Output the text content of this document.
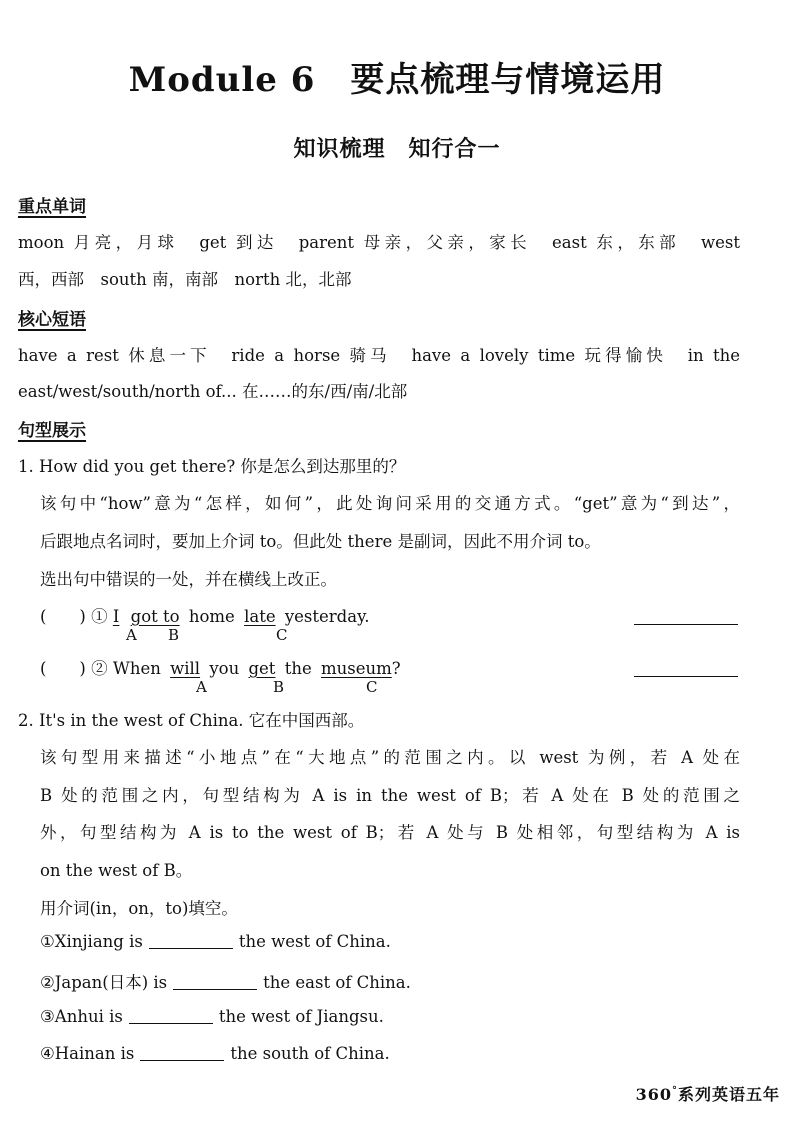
Module 6　要点梳理与情境运用
知识梳理　知行合一
重点单词
moon 月亮，月球　get 到达　parent 母亲，父亲，家长　east 东，东部　west
西，西部　south 南，南部　north 北，北部
核心短语
have a rest 休息一下　ride a horse 骑马　have a lovely time 玩得愉快　in the
east/west/south/north of... 在……的东/西/南/北部
句型展示
1. How did you get there? 你是怎么到达那里的？
该句中“how”意为“怎样，如何”，此处询问采用的交通方式。“get”意为“到达”，
后跟地点名词时，要加上介词 to。但此处 there 是副词，因此不用介词 to。
选出句中错误的一处，并在横线上改正。
(　　) ① I got to home late yesterday.
A B	C
(　　) ② When will you get the museum?
A	B	C
2. It's in the west of China. 它在中国西部。
该句型用来描述“小地点”在“大地点”的范围之内。以 west 为例，若 A 处在
B 处的范围之内，句型结构为 A is in the west of B；若 A 处在 B 处的范围之
外，句型结构为 A is to the west of B；若 A 处与 B 处相邻，句型结构为 A is
on the west of B。
用介词(in，on，to)填空。
①Xinjiang is	the west of China.
②Japan(日本) is	the east of China.
③Anhui is	the west of Jiangsu.
④Hainan is	the south of China.
360°系列英语五年
